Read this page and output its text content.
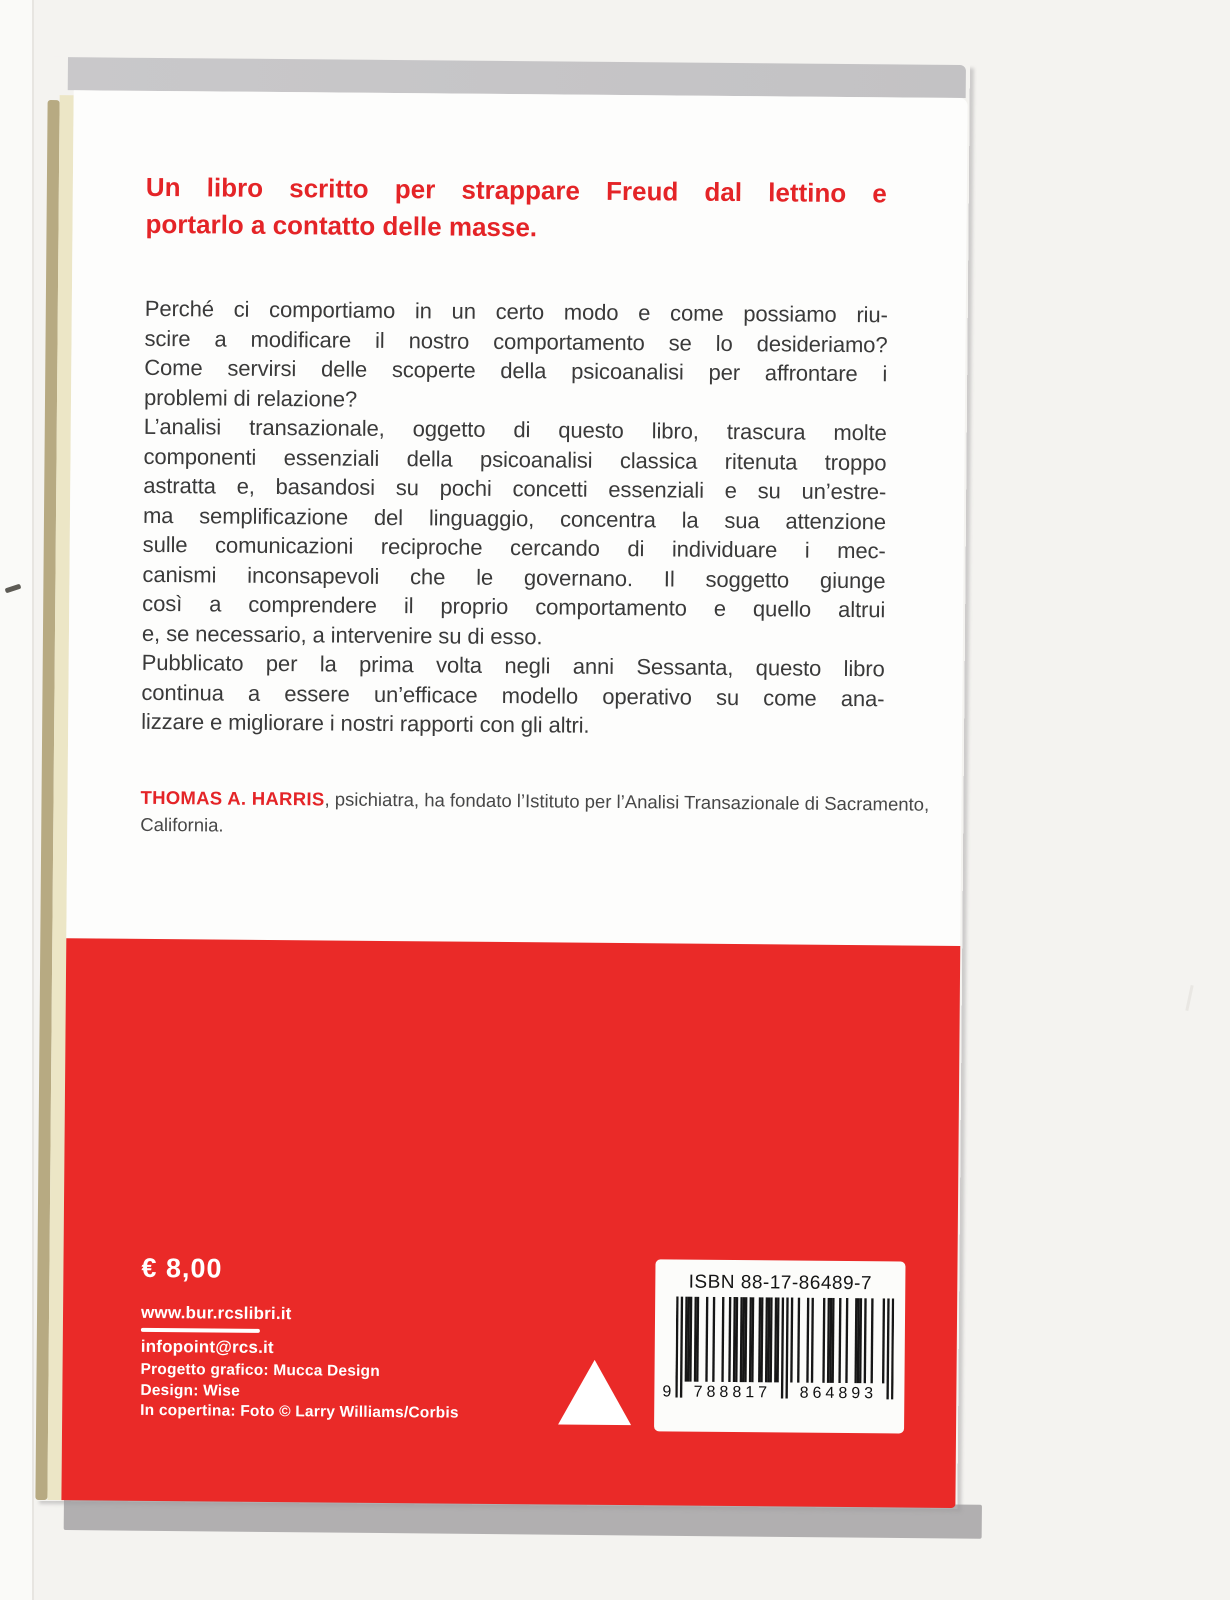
Un libro scritto per strappare Freud dal lettino e
portarlo a contatto delle masse.
Perché ci comportiamo in un certo modo e come possiamo riu-
scire a modificare il nostro comportamento se lo desideriamo?
Come servirsi delle scoperte della psicoanalisi per affrontare i
problemi di relazione?
L’analisi transazionale, oggetto di questo libro, trascura molte
componenti essenziali della psicoanalisi classica ritenuta troppo
astratta e, basandosi su pochi concetti essenziali e su un’estre-
ma semplificazione del linguaggio, concentra la sua attenzione
sulle comunicazioni reciproche cercando di individuare i mec-
canismi inconsapevoli che le governano. Il soggetto giunge
così a comprendere il proprio comportamento e quello altrui
e, se necessario, a intervenire su di esso.
Pubblicato per la prima volta negli anni Sessanta, questo libro
continua a essere un’efficace modello operativo su come ana-
lizzare e migliorare i nostri rapporti con gli altri.

THOMAS A. HARRIS, psichiatra, ha fondato l’Istituto per l’Analisi Transazionale di Sacramento, California.

€ 8,00
www.bur.rcslibri.it
infopoint@rcs.it
Progetto grafico: Mucca Design
Design: Wise
In copertina: Foto © Larry Williams/Corbis
ISBN 88-17-86489-7
9	788817	864893
